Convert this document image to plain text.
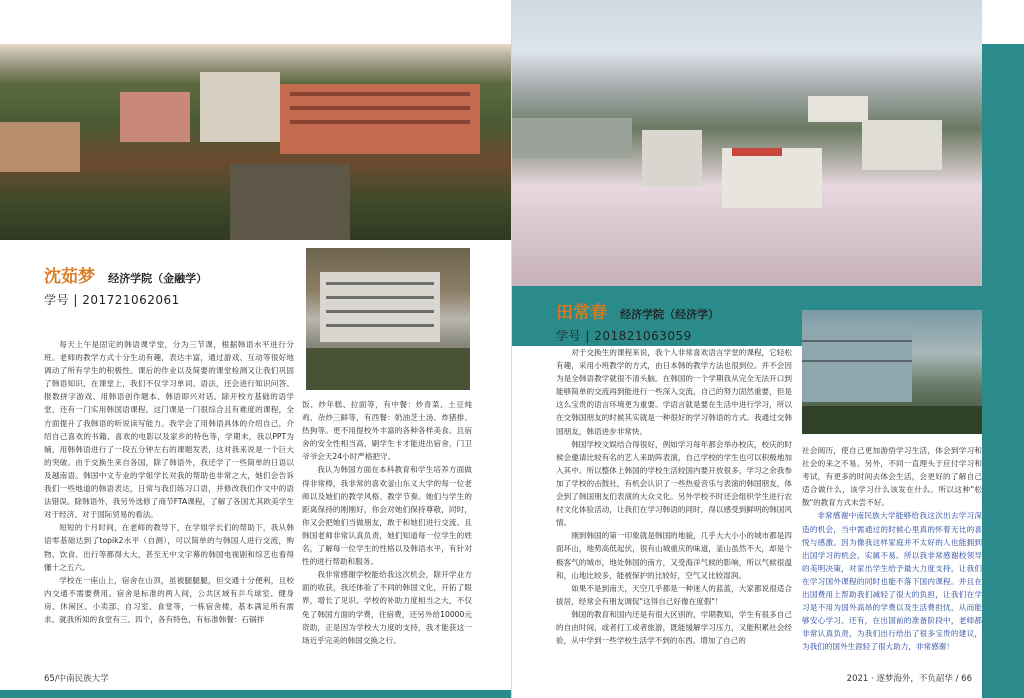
沈茹梦 经济学院（金融学）
学号 | 201721062061

每天上午是固定的韩语课学堂，分为三节课，根据韩语水平进行分班。老师的教学方式十分生动有趣，表达丰富，通过游戏、互动等很好地调动了所有学生的积极性。课后的作业以及简要的课堂检测又让我们巩固了韩语知识，在课堂上，我们不仅学习单词、语法，还会进行知识问答、报数拼字游戏、用韩语创作题本、韩语即兴对话。除开校方基础的语学堂，还有一门实用韩国语课程。这门课是一门很综合且有难度的课程，全方面提升了我韩语的听说读写能力。我学会了用韩语具体的介绍自己，介绍自己喜欢的书籍、喜欢的电影以及家乡的特色等，学期末，我以PPT为辅，用韩韩语进行了一段五分钟左右的课题发表，这对我来说是一个巨大的突破。由于交换生来自各国，除了韩语外，我还学了一些简单的日语以及越南语。韩国中文专业的学姐学长对我的帮助也非常之大，她们会告诉我们一些地道的韩语表达，日常与我们练习口语，并修改我们作文中的语法错误。除韩语外，我另外选修了商节FTA课程，了解了各国尤其欧美学生对于经济、对于国际贸易的看法。

短短的个月时间，在老师的教导下，在学姐学长们的帮助下，我从韩语零基础达到了topik2水平（自测），可以简单的与韩国人进行交流，购物、饮食、出行等都得大大，甚至无中文字幕的韩国电视剧和综艺也看得懂十之五六。

学校在一座山上，宿舍在山顶，虽被腿腿腿，但交通十分便利，且校内交通不需要费用。宿舍是标准的两人间，公共区域有乒乓球室、健身房、休闲区、小卖部、自习室、食堂等，一栋宿舍楼，基本满足所有需求。就我所知的食堂有三、四个，各有特色，有标准韩餐：石锅拌

饭、炒年糕、拉面等，有中餐：炒青菜、土豆炖鸡、杂炒三鲜等，有西餐：奶油芝士汤、炸猪排、热狗等。更不用提校外丰富的各种各样美食。且宿舍的安全性相当高，刷学生卡才能进出宿舍，门卫爷爷会天24小时严格把守。

我认为韩国方面在本科教育和学生培养方面做得非常棒，我非常的喜欢釜山东义大学的每一位老师以及她们的教学风格、教学节奏。她们与学生的距离保持的刚刚好，你会对她们保持尊敬，同时，你又会把她们当做朋友，敢于和她们进行交流。且韩国老师非常认真负责，她们知道每一位学生的姓名，了解每一位学生的性格以及韩语水平，有针对性的进行帮助和服务。

我非常感谢学校能给我这次机会，除开学业方面的收获，我还体验了不同的韩国文化，开拓了眼界，增长了见识。学校的补助力度相当之大，不仅免了韩国方面的学费，住宿费，还另外给10000元资助，正是因为学校大力度的支持，我才能获这一场近乎完美的韩国交换之行。

65/中南民族大学
田常春 经济学院（经济学）
学号 | 201821063059

对于交换生的课程来说，我个人非常喜欢语言学堂的课程，它轻松有趣，采用小班教学的方式，由日本韩的教学方法也很到位。并不会因为是全韩语教学就很不清头脑。在韩国的一个学期我从完全无法开口到能够简单的交流再到能进行一些深入交流，自己的努力固然重要，但是这么宝贵的语言环境更为重要。学语言就是要在生活中进行学习，所以在交韩国朋友的时候其实就是一种很好的学习韩语的方式。我通过交韩国朋友，韩语进步非常快。

韩国学校文娱结合得很好，例如学习每年都会举办校庆，校庆的时候会邀请比较有名的艺人来助阵表演，自己学校的学生也可以积极地加入其中。所以整体上韩国的学校生活较国内要开放很多，学习之余我参加了学校的击鼓社，有机会认识了一些热爱音乐与表演的韩国朋友，体会到了韩国朋友们表演的大众文化。另外学校不时还会组织学生进行农村文化体验活动，让我们在学习韩语的同时，得以感受到鲜明的韩国风情。

刚到韩国的第一印象就是韩国的地貌，几乎大大小小的城市都是四面环山，地势高低起伏，很有山城重庆的味道，釜山虽然不大，却是个极客气的城市，地处韩国的南方，又受海洋气候的影响，所以气候很温和，山地比较多，能被保护的比较好，空气又比较湿润。

如果不是到南天，天空几乎都是一种迷人的蓝蓝，大家都说很适合拔居，经常会有朋友调侃"这得自己好像在度假"！

韩国的教育和国内还是有很大区别的，学期教知，学生有很多自己的自由时间，或者打工或者旅游，既能缓解学习压力，又能积累社会经验，从中学到一些学校生活学不到的东西。增加了自己的

社会阅历，使自己更加游悟学习生活，体会到学习和社会的来之不易。另外，不同一直理头于应付学习和考试，有更多的时间去体会生活，会更好的了解自己适合做什么，该学习什么该发在什么。所以这种"松散"的教育方式未尝不好。

非常感谢中南民族大学能够给我这次出去学习深造的机会，当中需通过的时候心里真的怀着无比的喜悦与感激。因为像我这样家庭并不太好的人也能拥到出国学习的机会，实属不易。所以我非常感谢校领导的美明决策，对家出学生给予最大力度支持，让我们在学习国外课程的同时也能不落下国内课程。并且在出国费用上帮助我们减轻了很大的负担，让我们在学习是不用为国外高昂的学费以及生活费担忧，从而能够安心学习。还有，在出国前的准备阶段中，老师都非常认真负责，为我们出行给出了很多宝贵的建议，为我们的国外生涯轻了很大助力，非常感谢！

2021 · 逐梦海外，不负韶华 / 66
